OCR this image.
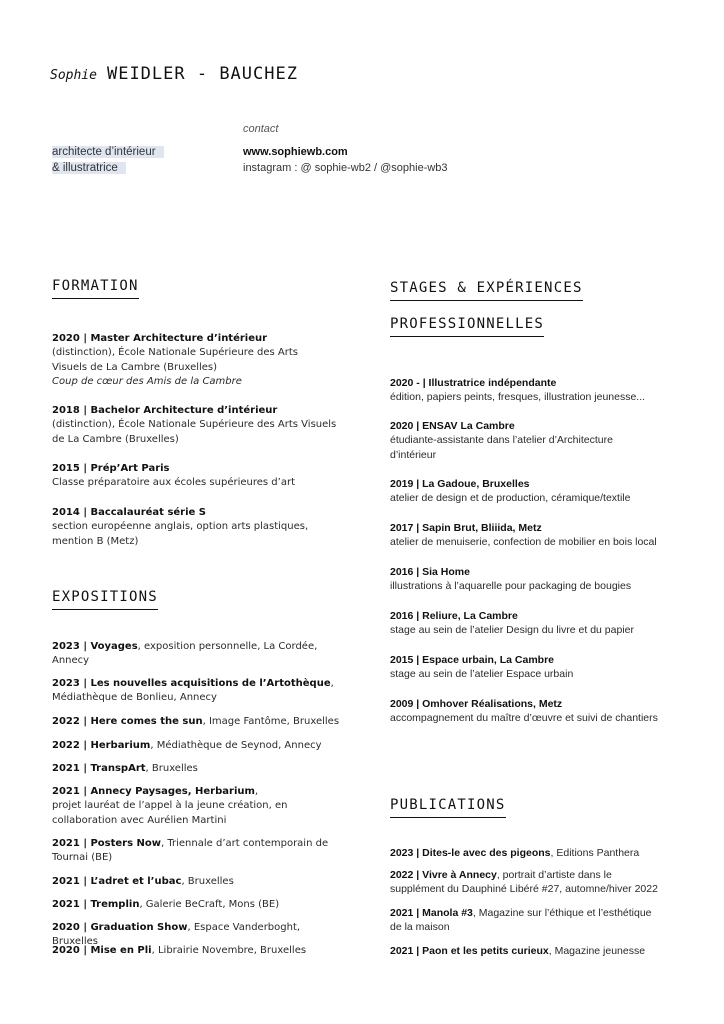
Sophie WEIDLER - BAUCHEZ
architecte d’intérieur
& illustratrice
contact
www.sophiewb.com
instagram : @ sophie-wb2 / @sophie-wb3
FORMATION
2020 | Master Architecture d’intérieur
(distinction), École Nationale Supérieure des Arts
Visuels de La Cambre (Bruxelles)
Coup de cœur des Amis de la Cambre
2018 | Bachelor Architecture d’intérieur
(distinction), École Nationale Supérieure des Arts Visuels
de La Cambre (Bruxelles)
2015 | Prép’Art Paris
Classe préparatoire aux écoles supérieures d’art
2014 | Baccalauréat série S
section européenne anglais, option arts plastiques,
mention B (Metz)
EXPOSITIONS
2023 | Voyages, exposition personnelle, La Cordée,
Annecy
2023 | Les nouvelles acquisitions de l’Artothèque,
Médiathèque de Bonlieu, Annecy
2022 | Here comes the sun, Image Fantôme, Bruxelles
2022 | Herbarium, Médiathèque de Seynod, Annecy
2021 | TranspArt, Bruxelles
2021 | Annecy Paysages, Herbarium,
projet lauréat de l’appel à la jeune création, en
collaboration avec Aurélien Martini
2021 | Posters Now, Triennale d’art contemporain de
Tournai (BE)
2021 | L’adret et l’ubac, Bruxelles
2021 | Tremplin, Galerie BeCraft, Mons (BE)
2020 | Graduation Show, Espace Vanderboght, Bruxelles
2020 | Mise en Pli, Librairie Novembre, Bruxelles
STAGES & EXPÉRIENCES
PROFESSIONNELLES
2020 - | Illustratrice indépendante
édition, papiers peints, fresques, illustration jeunesse...
2020 | ENSAV La Cambre
étudiante-assistante dans l’atelier d’Architecture
d’intérieur
2019 | La Gadoue, Bruxelles
atelier de design et de production, céramique/textile
2017 | Sapin Brut, Bliiida, Metz
atelier de menuiserie, confection de mobilier en bois local
2016 | Sia Home
illustrations à l’aquarelle pour packaging de bougies
2016 | Reliure, La Cambre
stage au sein de l’atelier Design du livre et du papier
2015 | Espace urbain, La Cambre
stage au sein de l’atelier Espace urbain
2009 | Omhover Réalisations, Metz
accompagnement du maître d’œuvre et suivi de chantiers
PUBLICATIONS
2023 | Dites-le avec des pigeons, Editions Panthera
2022 | Vivre à Annecy, portrait d’artiste dans le
supplément du Dauphiné Libéré #27, automne/hiver 2022
2021 | Manola #3, Magazine sur l’éthique et l’esthétique
de la maison
2021 | Paon et les petits curieux, Magazine jeunesse
